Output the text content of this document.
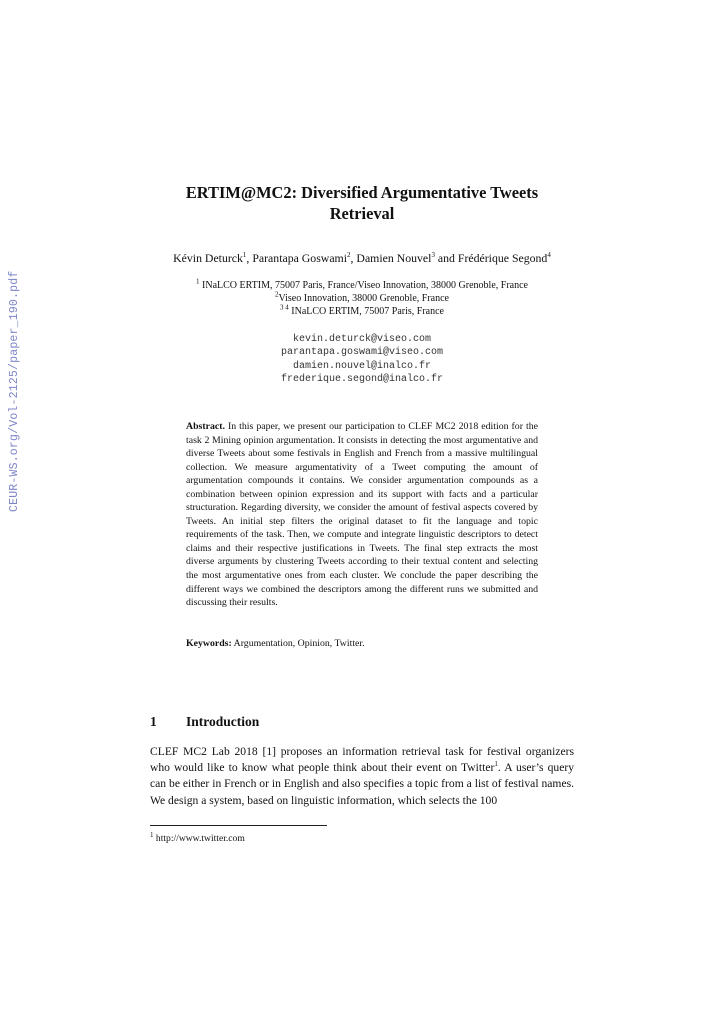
CEUR-WS.org/Vol-2125/paper_190.pdf
ERTIM@MC2: Diversified Argumentative Tweets
Retrieval
Kévin Deturck$^1$, Parantapa Goswami$^2$, Damien Nouvel$^3$ and Frédérique Segond$^4$
$^1$ INaLCO ERTIM, 75007 Paris, France/Viseo Innovation, 38000 Grenoble, France
$^2$Viseo Innovation, 38000 Grenoble, France
$^{3 4}$ INaLCO ERTIM, 75007 Paris, France
kevin.deturck@viseo.com
parantapa.goswami@viseo.com
damien.nouvel@inalco.fr
frederique.segond@inalco.fr
Abstract. In this paper, we present our participation to CLEF MC2 2018 edition for the task 2 Mining opinion argumentation. It consists in detecting the most argumentative and diverse Tweets about some festivals in English and French from a massive multilingual collection. We measure argumentativity of a Tweet computing the amount of argumentation compounds it contains. We consider argumentation compounds as a combination between opinion expression and its support with facts and a particular structuration. Regarding diversity, we consider the amount of festival aspects covered by Tweets. An initial step filters the original dataset to fit the language and topic requirements of the task. Then, we compute and integrate linguistic descriptors to detect claims and their respective justifications in Tweets. The final step extracts the most diverse arguments by clustering Tweets according to their textual content and selecting the most argumentative ones from each cluster. We conclude the paper describing the different ways we combined the descriptors among the different runs we submitted and discussing their results.
Keywords: Argumentation, Opinion, Twitter.
1 Introduction
CLEF MC2 Lab 2018 [1] proposes an information retrieval task for festival organizers who would like to know what people think about their event on Twitter$^1$. A user’s query can be either in French or in English and also specifies a topic from a list of festival names. We design a system, based on linguistic information, which selects the 100
$^1$ http://www.twitter.com
